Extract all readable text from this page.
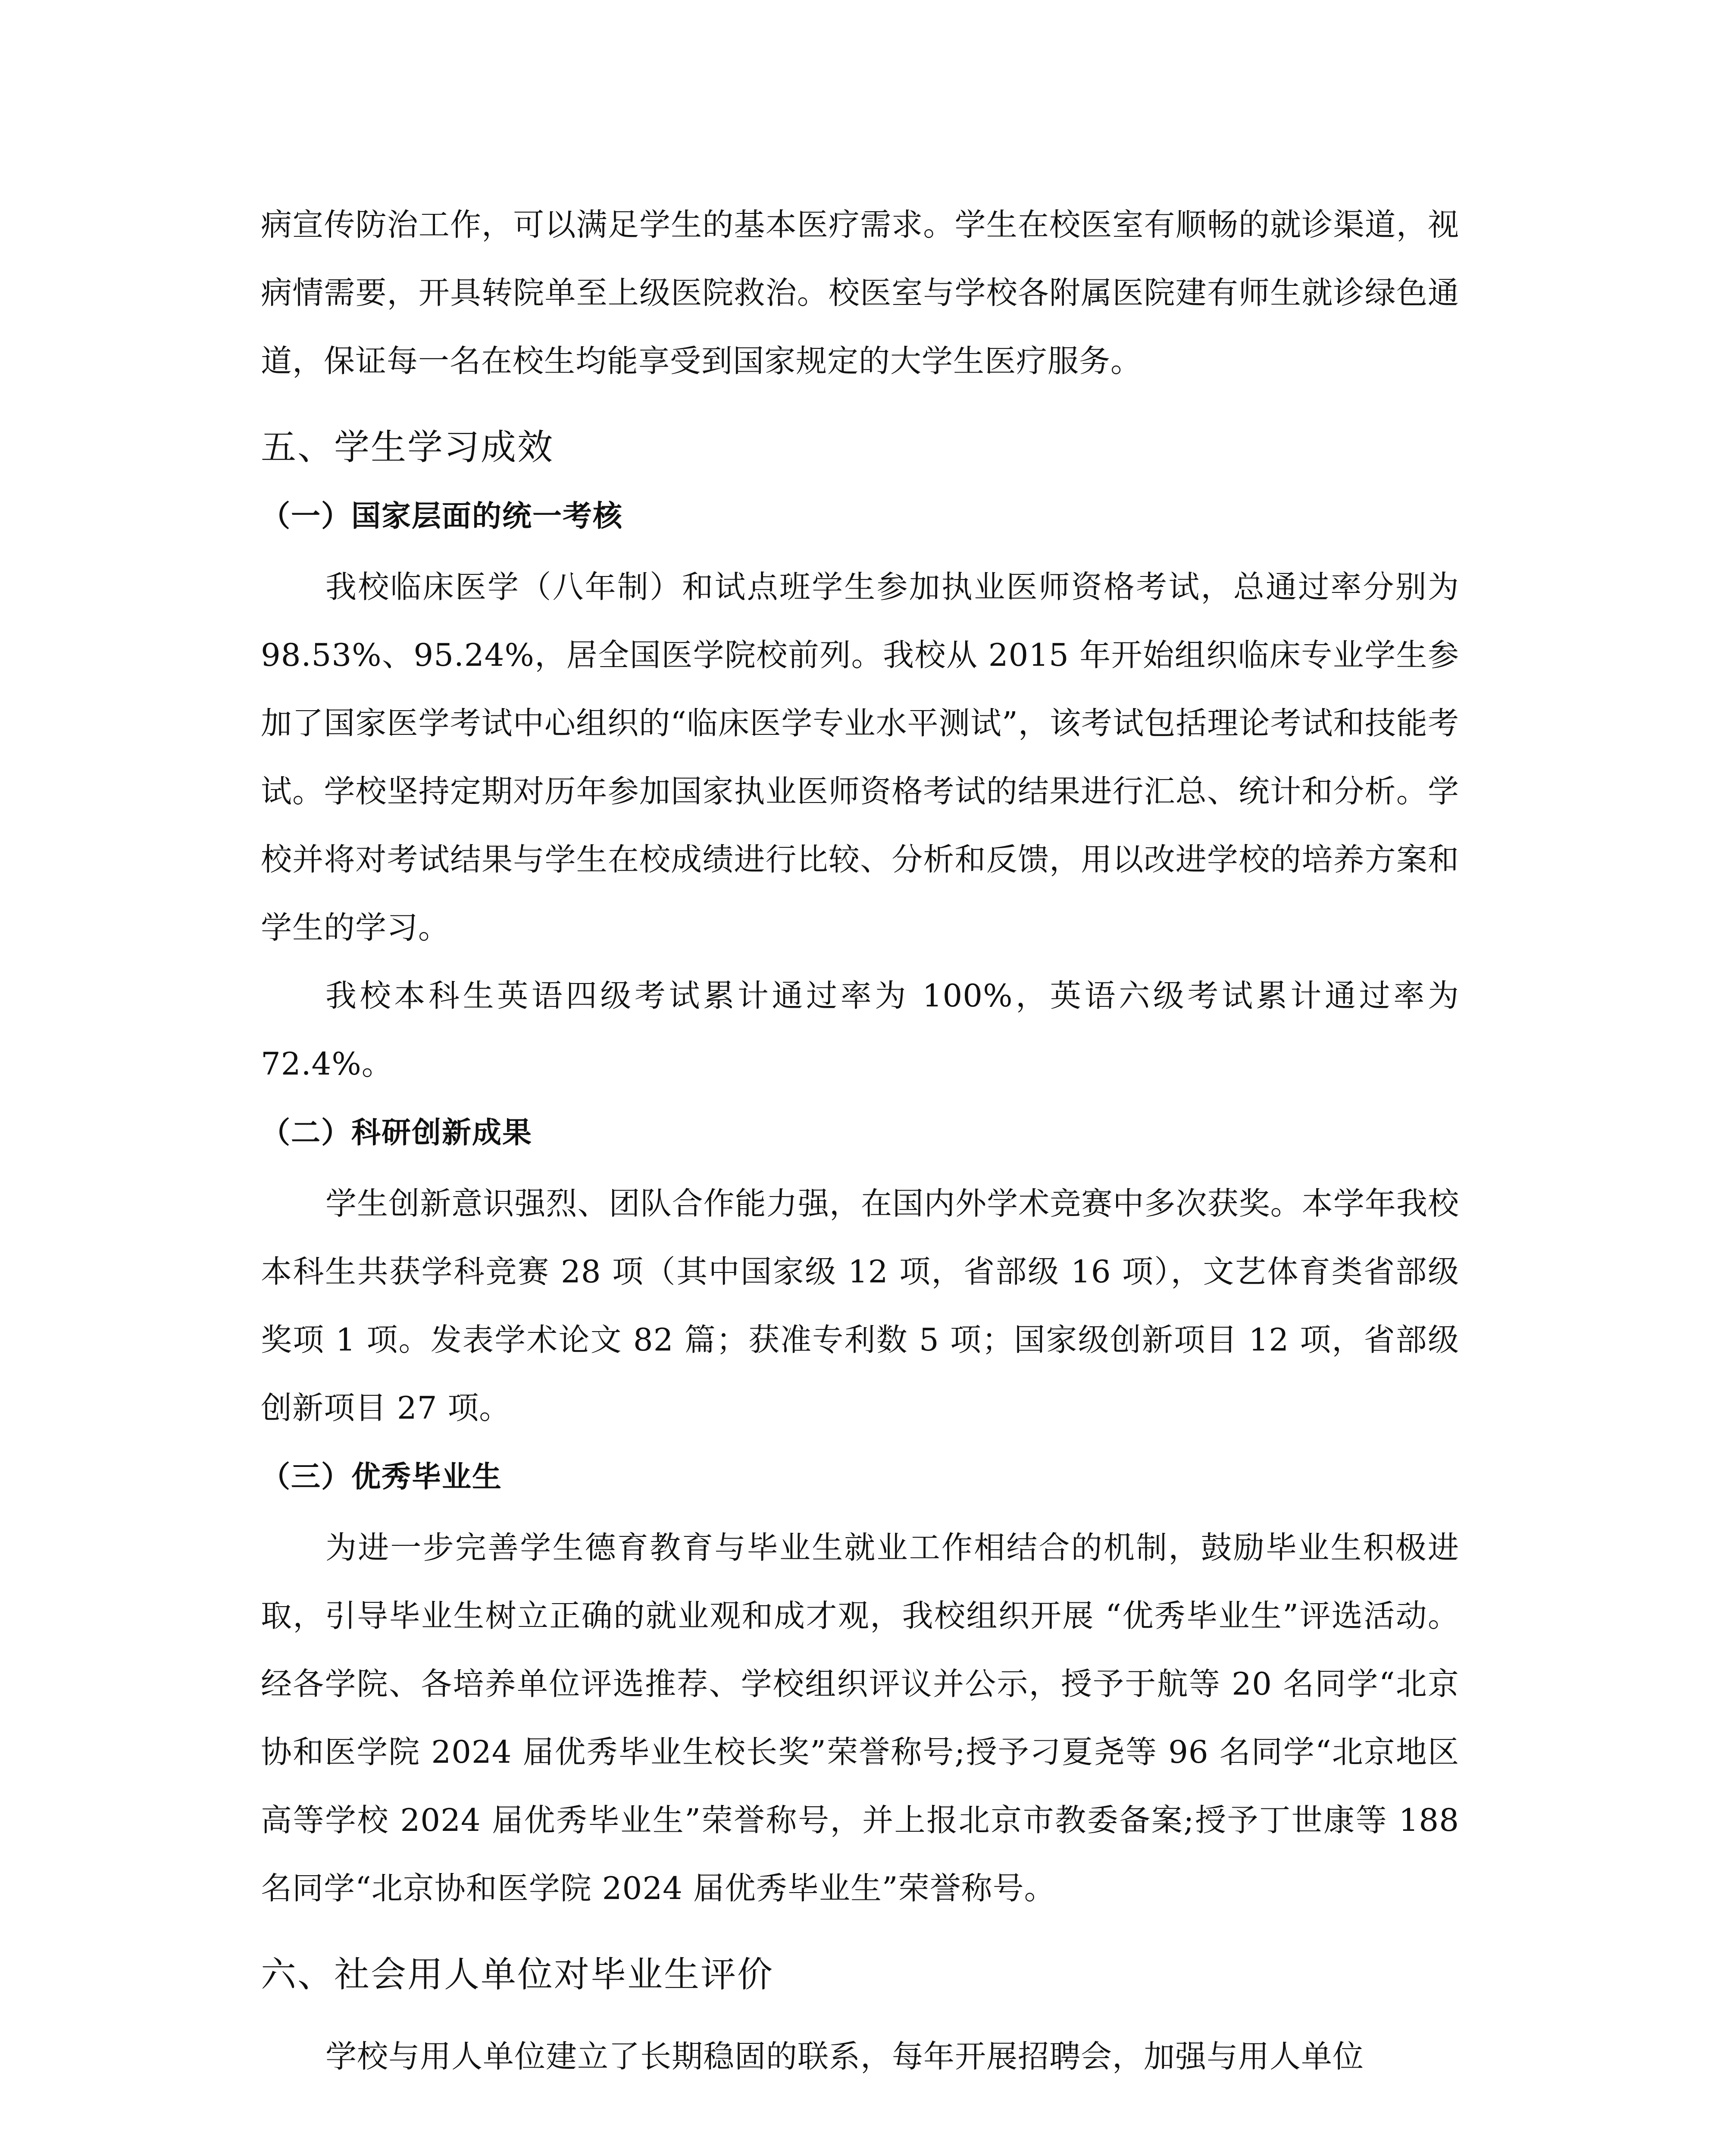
病宣传防治工作，可以满足学生的基本医疗需求。学生在校医室有顺畅的就诊渠道，视病情需要，开具转院单至上级医院救治。校医室与学校各附属医院建有师生就诊绿色通道，保证每一名在校生均能享受到国家规定的大学生医疗服务。

五、学生学习成效
（一）国家层面的统一考核

我校临床医学（八年制）和试点班学生参加执业医师资格考试，总通过率分别为98.53%、95.24%，居全国医学院校前列。我校从 2015 年开始组织临床专业学生参加了国家医学考试中心组织的“临床医学专业水平测试”，该考试包括理论考试和技能考试。学校坚持定期对历年参加国家执业医师资格考试的结果进行汇总、统计和分析。学校并将对考试结果与学生在校成绩进行比较、分析和反馈，用以改进学校的培养方案和学生的学习。

我校本科生英语四级考试累计通过率为 100%，英语六级考试累计通过率为72.4%。

（二）科研创新成果

学生创新意识强烈、团队合作能力强，在国内外学术竞赛中多次获奖。本学年我校本科生共获学科竞赛 28 项（其中国家级 12 项，省部级 16 项），文艺体育类省部级奖项 1 项。发表学术论文 82 篇；获准专利数 5 项；国家级创新项目 12 项，省部级创新项目 27 项。

（三）优秀毕业生

为进一步完善学生德育教育与毕业生就业工作相结合的机制，鼓励毕业生积极进取，引导毕业生树立正确的就业观和成才观，我校组织开展 “优秀毕业生”评选活动。经各学院、各培养单位评选推荐、学校组织评议并公示，授予于航等 20 名同学“北京协和医学院 2024 届优秀毕业生校长奖”荣誉称号;授予刁夏尧等 96 名同学“北京地区高等学校 2024 届优秀毕业生”荣誉称号，并上报北京市教委备案;授予丁世康等 188 名同学“北京协和医学院 2024 届优秀毕业生”荣誉称号。

六、社会用人单位对毕业生评价

学校与用人单位建立了长期稳固的联系，每年开展招聘会，加强与用人单位
